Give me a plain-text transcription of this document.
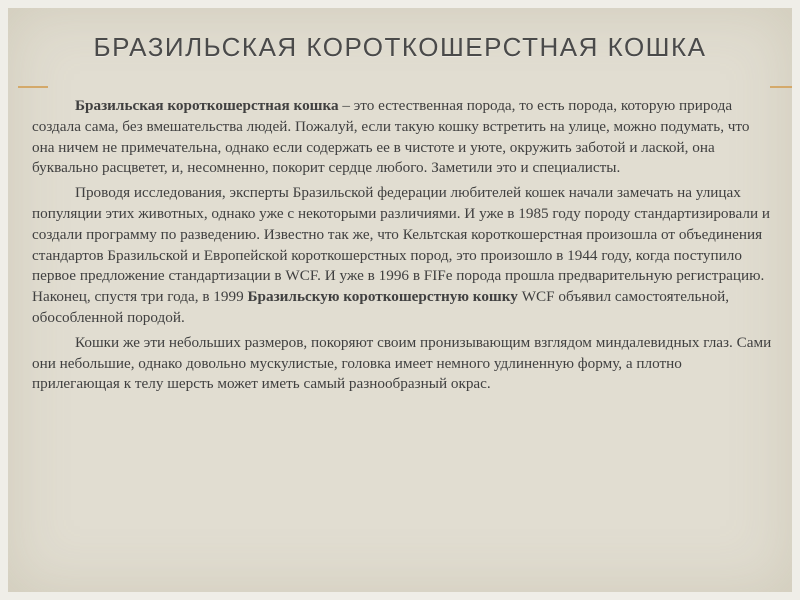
БРАЗИЛЬСКАЯ КОРОТКОШЕРСТНАЯ КОШКА

Бразильская короткошерстная кошка – это естественная порода, то есть порода, которую природа создала сама, без вмешательства людей. Пожалуй, если такую кошку встретить на улице, можно подумать, что она ничем не примечательна, однако если содержать ее в чистоте и уюте, окружить заботой и лаской, она буквально расцветет, и, несомненно, покорит сердце любого. Заметили это и специалисты.

Проводя исследования, эксперты Бразильской федерации любителей кошек начали замечать на улицах популяции этих животных, однако уже с некоторыми различиями. И уже в 1985 году породу стандартизировали и создали программу по разведению. Известно так же, что Кельтская короткошерстная произошла от объединения стандартов Бразильской и Европейской короткошерстных пород, это произошло в 1944 году, когда поступило первое предложение стандартизации в WCF. И уже в 1996 в FIFe порода прошла предварительную регистрацию. Наконец, спустя три года, в 1999 Бразильскую короткошерстную кошку WCF объявил самостоятельной, обособленной породой.

Кошки же эти небольших размеров, покоряют своим пронизывающим взглядом миндалевидных глаз. Сами они небольшие, однако довольно мускулистые, головка имеет немного удлиненную форму, а плотно прилегающая к телу шерсть может иметь самый разнообразный окрас.
